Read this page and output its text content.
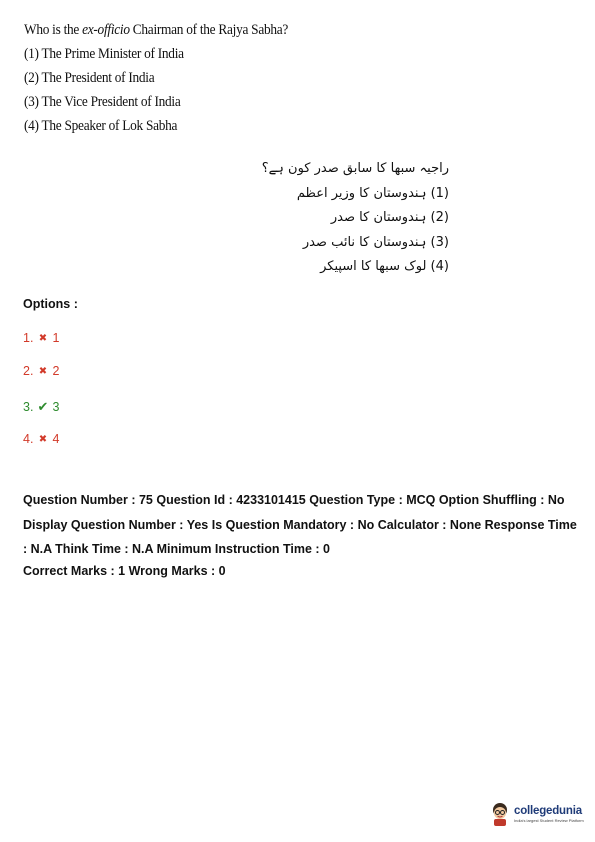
Who is the ex-officio Chairman of the Rajya Sabha?
(1) The Prime Minister of India
(2) The President of India
(3) The Vice President of India
(4) The Speaker of Lok Sabha
راجیہ سبھا کا سابق صدر کون ہے؟
(1) ہندوستان کا وزیر اعظم
(2) ہندوستان کا صدر
(3) ہندوستان کا نائب صدر
(4) لوک سبھا کا اسپیکر
Options :
1. ✖ 1
2. ✖ 2
3. ✔ 3
4. ✖ 4
Question Number : 75 Question Id : 4233101415 Question Type : MCQ Option Shuffling : No
Display Question Number : Yes Is Question Mandatory : No Calculator : None Response Time
: N.A Think Time : N.A Minimum Instruction Time : 0
Correct Marks : 1 Wrong Marks : 0
collegedunia
India's largest Student Review Platform
